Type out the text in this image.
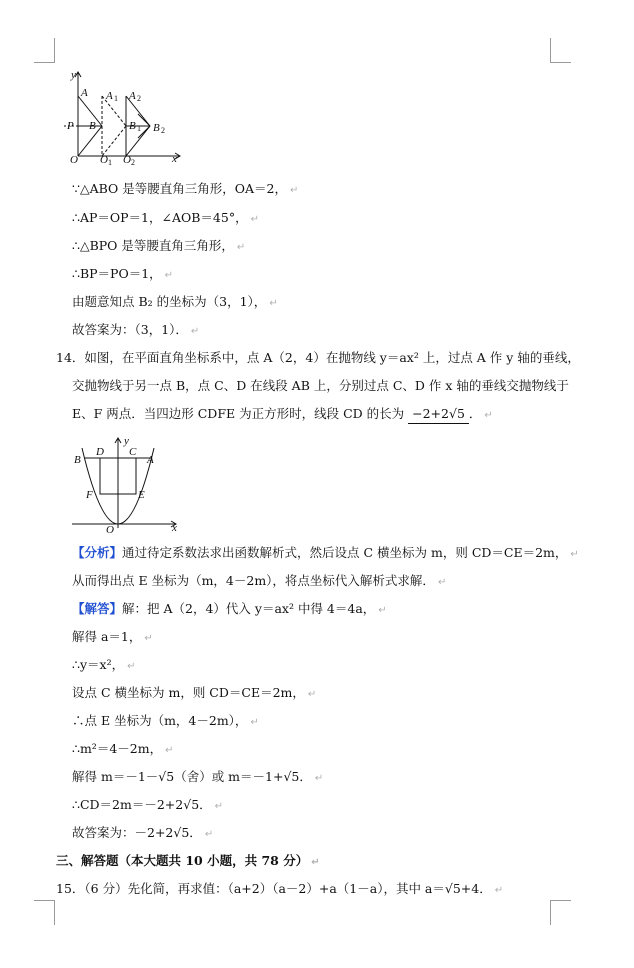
y
x
A A 1 A 2
P B	B 1 B 2
O O 1 O 2
∵△ABO 是等腰直角三角形，OA＝2， ↵
∴AP＝OP＝1，∠AOB＝45°， ↵
∴△BPO 是等腰直角三角形， ↵
∴BP＝PO＝1， ↵
由题意知点 B₂ 的坐标为（3，1）， ↵
故答案为：（3，1）． ↵
14．如图，在平面直角坐标系中，点 A（2，4）在抛物线 y＝ax² 上，过点 A 作 y 轴的垂线，
交抛物线于另一点 B，点 C、D 在线段 AB 上，分别过点 C、D 作 x 轴的垂线交抛物线于
E、F 两点．当四边形 CDFE 为正方形时，线段 CD 的长为 −2+2√5 ． ↵
y
x
B
D C
A
F	E
O
【分析】通过待定系数法求出函数解析式，然后设点 C 横坐标为 m，则 CD＝CE＝2m， ↵
从而得出点 E 坐标为（m，4－2m），将点坐标代入解析式求解． ↵
【解答】解：把 A（2，4）代入 y＝ax² 中得 4＝4a， ↵
解得 a＝1， ↵
∴y＝x²， ↵
设点 C 横坐标为 m，则 CD＝CE＝2m， ↵
∴点 E 坐标为（m，4－2m）， ↵
∴m²＝4－2m， ↵
解得 m＝－1－√5（舍）或 m＝－1+√5． ↵
∴CD＝2m＝－2+2√5． ↵
故答案为：－2+2√5． ↵
三、解答题（本大题共 10 小题，共 78 分） ↵
15．（6 分）先化简，再求值：（a+2）（a－2）+a（1－a），其中 a＝√5+4． ↵
